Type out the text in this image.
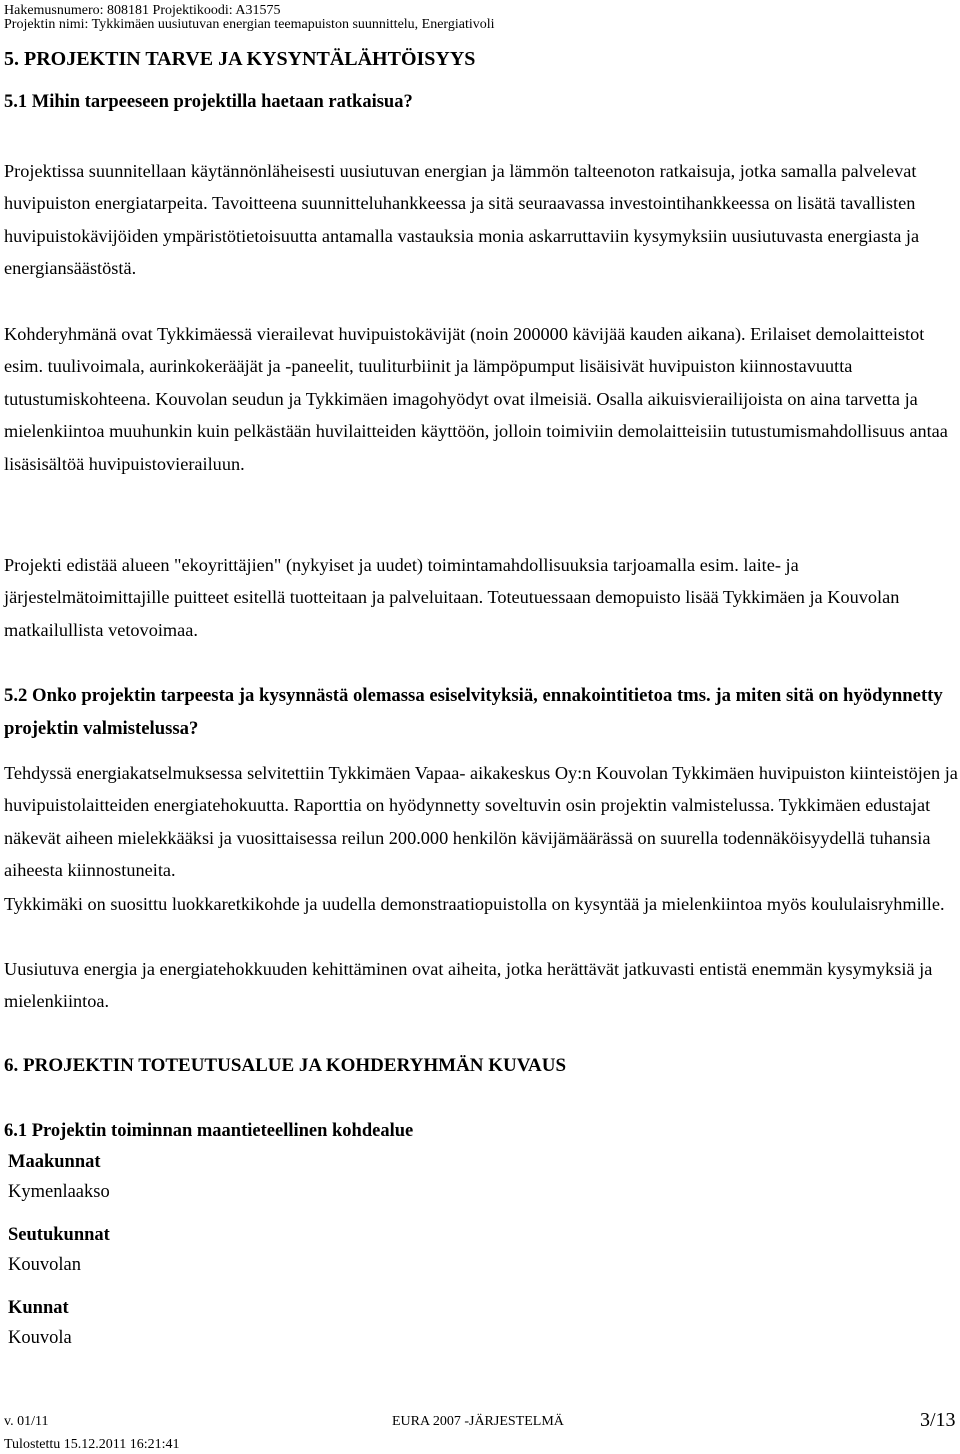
Hakemusnumero: 808181 Projektikoodi: A31575
Projektin nimi: Tykkimäen uusiutuvan energian teemapuiston suunnittelu, Energiativoli
5. PROJEKTIN TARVE JA KYSYNTÄLÄHTÖISYYS
5.1 Mihin tarpeeseen projektilla haetaan ratkaisua?

Projektissa suunnitellaan käytännönläheisesti uusiutuvan energian ja lämmön talteenoton ratkaisuja, jotka samalla palvelevat huvipuiston energiatarpeita. Tavoitteena suunnitteluhankkeessa ja sitä seuraavassa investointihankkeessa on lisätä tavallisten huvipuistokävijöiden ympäristötietoisuutta antamalla vastauksia monia askarruttaviin kysymyksiin uusiutuvasta energiasta ja energiansäästöstä.

Kohderyhmänä ovat Tykkimäessä vierailevat huvipuistokävijät (noin 200000 kävijää kauden aikana). Erilaiset demolaitteistot esim. tuulivoimala, aurinkokerääjät ja -paneelit, tuuliturbiinit ja lämpöpumput lisäisivät huvipuiston kiinnostavuutta tutustumiskohteena. Kouvolan seudun ja Tykkimäen imagohyödyt ovat ilmeisiä. Osalla aikuisvierailijoista on aina tarvetta ja mielenkiintoa muuhunkin kuin pelkästään huvilaitteiden käyttöön, jolloin toimiviin demolaitteisiin tutustumismahdollisuus antaa lisäsisältöä huvipuistovierailuun.

Projekti edistää alueen "ekoyrittäjien" (nykyiset ja uudet) toimintamahdollisuuksia tarjoamalla esim. laite- ja järjestelmätoimittajille puitteet esitellä tuotteitaan ja palveluitaan. Toteutuessaan demopuisto lisää Tykkimäen ja Kouvolan matkailullista vetovoimaa.

5.2 Onko projektin tarpeesta ja kysynnästä olemassa esiselvityksiä, ennakointitietoa tms. ja miten sitä on hyödynnetty projektin valmistelussa?

Tehdyssä energiakatselmuksessa selvitettiin Tykkimäen Vapaa- aikakeskus Oy:n Kouvolan Tykkimäen huvipuiston kiinteistöjen ja huvipuistolaitteiden energiatehokuutta. Raporttia on hyödynnetty soveltuvin osin projektin valmistelussa. Tykkimäen edustajat näkevät aiheen mielekkääksi ja vuosittaisessa reilun 200.000 henkilön kävijämäärässä on suurella todennäköisyydellä tuhansia aiheesta kiinnostuneita.

Tykkimäki on suosittu luokkaretkikohde ja uudella demonstraatiopuistolla on kysyntää ja mielenkiintoa myös koululaisryhmille.

Uusiutuva energia ja energiatehokkuuden kehittäminen ovat aiheita, jotka herättävät jatkuvasti entistä enemmän kysymyksiä ja mielenkiintoa.

6. PROJEKTIN TOTEUTUSALUE JA KOHDERYHMÄN KUVAUS
6.1 Projektin toiminnan maantieteellinen kohdealue
Maakunnat
Kymenlaakso
Seutukunnat
Kouvolan
Kunnat
Kouvola
v. 01/11	EURA 2007 -JÄRJESTELMÄ	3/13
Tulostettu 15.12.2011 16:21:41
